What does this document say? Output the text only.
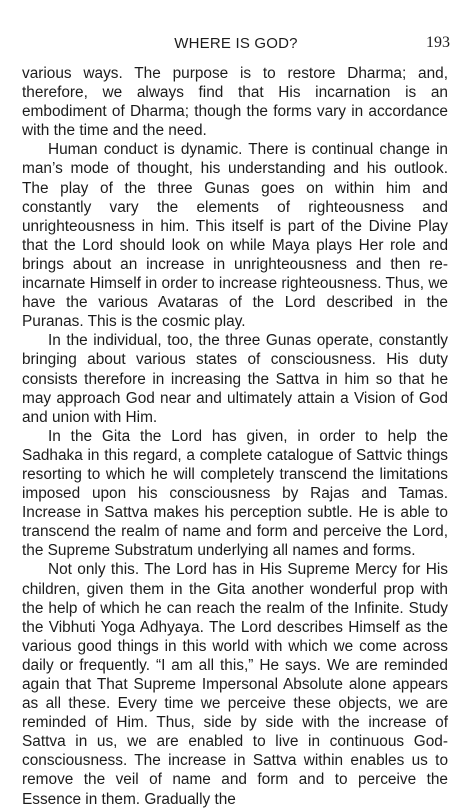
WHERE IS GOD?	193

various ways. The purpose is to restore Dharma; and, therefore, we always find that His incarnation is an embodiment of Dharma; though the forms vary in accordance with the time and the need.

Human conduct is dynamic. There is continual change in man’s mode of thought, his understanding and his outlook. The play of the three Gunas goes on within him and constantly vary the elements of righteousness and unrighteousness in him. This itself is part of the Divine Play that the Lord should look on while Maya plays Her role and brings about an increase in unrighteousness and then re-incarnate Himself in order to increase righteousness. Thus, we have the various Avataras of the Lord described in the Puranas. This is the cosmic play.

In the individual, too, the three Gunas operate, constantly bringing about various states of consciousness. His duty consists therefore in increasing the Sattva in him so that he may approach God near and ultimately attain a Vision of God and union with Him.

In the Gita the Lord has given, in order to help the Sadhaka in this regard, a complete catalogue of Sattvic things resorting to which he will completely transcend the limitations imposed upon his consciousness by Rajas and Tamas. Increase in Sattva makes his perception subtle. He is able to transcend the realm of name and form and perceive the Lord, the Supreme Substratum underlying all names and forms.

Not only this. The Lord has in His Supreme Mercy for His children, given them in the Gita another wonderful prop with the help of which he can reach the realm of the Infinite. Study the Vibhuti Yoga Adhyaya. The Lord describes Himself as the various good things in this world with which we come across daily or frequently. “I am all this,” He says. We are reminded again that That Supreme Impersonal Absolute alone appears as all these. Every time we perceive these objects, we are reminded of Him. Thus, side by side with the increase of Sattva in us, we are enabled to live in continuous God-consciousness. The increase in Sattva within enables us to remove the veil of name and form and to perceive the Essence in them. Gradually the
